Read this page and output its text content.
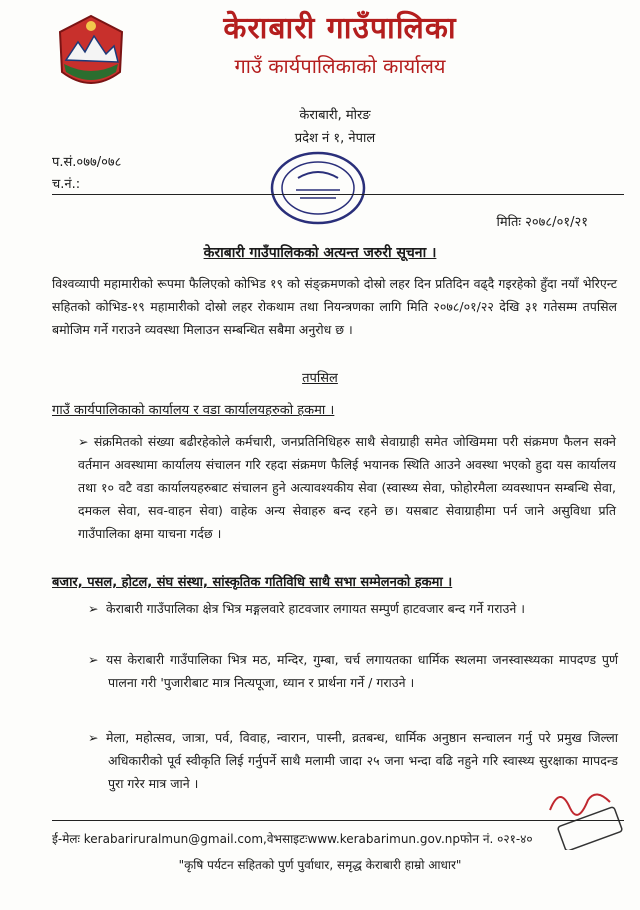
केराबारी गाउँपालिका
गाउँ कार्यपालिकाको कार्यालय
केराबारी, मोरङ
प्रदेश नं १, नेपाल
प.सं.०७७/०७८
च.नं.:
मितिः २०७८/०१/२१
केराबारी गाउँपालिकको अत्यन्त जरुरी सूचना ।
विश्वव्यापी महामारीको रूपमा फैलिएको कोभिड १९ को संङ्क्रमणको दोस्रो लहर दिन प्रतिदिन वढ्दै गइरहेको हुँदा नयाँ भेरिएन्ट सहितको कोभिड-१९ महामारीको दोस्रो लहर रोकथाम तथा नियन्त्रणका लागि मिति २०७८/०१/२२ देखि ३१ गतेसम्म तपसिल बमोजिम गर्ने गराउने व्यवस्था मिलाउन सम्बन्धित सबैमा अनुरोध छ ।
तपसिल
गाउँ कार्यपालिकाको कार्यालय र वडा कार्यालयहरुको हकमा ।
➢ संक्रमितको संख्या बढीरहेकोले कर्मचारी, जनप्रतिनिधिहरु साथै सेवाग्राही समेत जोखिममा परी संक्रमण फैलन सक्ने वर्तमान अवस्थामा कार्यालय संचालन गरि रहदा संक्रमण फैलिई भयानक स्थिति आउने अवस्था भएको हुदा यस कार्यालय तथा १० वटै वडा कार्यालयहरुबाट संचालन हुने अत्यावश्यकीय सेवा (स्वास्थ्य सेवा, फोहोरमैला व्यवस्थापन सम्बन्धि सेवा, दमकल सेवा, सव-वाहन सेवा) वाहेक अन्य सेवाहरु बन्द रहने छ। यसबाट सेवाग्राहीमा पर्न जाने असुविधा प्रति गाउँपालिका क्षमा याचना गर्दछ ।
बजार, पसल, होटल, संघ संस्था, सांस्कृतिक गतिविधि साथै सभा सम्मेलनको हकमा ।
➢ केराबारी गाउँपालिका क्षेत्र भित्र मङ्गलवारे हाटवजार लगायत सम्पुर्ण हाटवजार बन्द गर्ने गराउने ।
➢ यस केराबारी गाउँपालिका भित्र मठ, मन्दिर, गुम्बा, चर्च लगायतका धार्मिक स्थलमा जनस्वास्थ्यका मापदण्ड पुर्ण पालना गरी 'पुजारीबाट मात्र नित्यपूजा, ध्यान र प्रार्थना गर्ने / गराउने ।
➢ मेला, महोत्सव, जात्रा, पर्व, विवाह, न्वारान, पास्नी, व्रतबन्ध, धार्मिक अनुष्ठान सन्चालन गर्नु परे प्रमुख जिल्ला अधिकारीको पूर्व स्वीकृति लिई गर्नुपर्ने साथै मलामी जादा २५ जना भन्दा वढि नहुने गरि स्वास्थ्य सुरक्षाका मापदन्ड पुरा गरेर मात्र जाने ।
ई-मेलः kerabariruralmun@gmail.com,वेभसाइटःwww.kerabarimun.gov.npफोन नं. ०२१-४०
"कृषि पर्यटन सहितको पुर्ण पुर्वाधार, समृद्ध केराबारी हाम्रो आधार"
